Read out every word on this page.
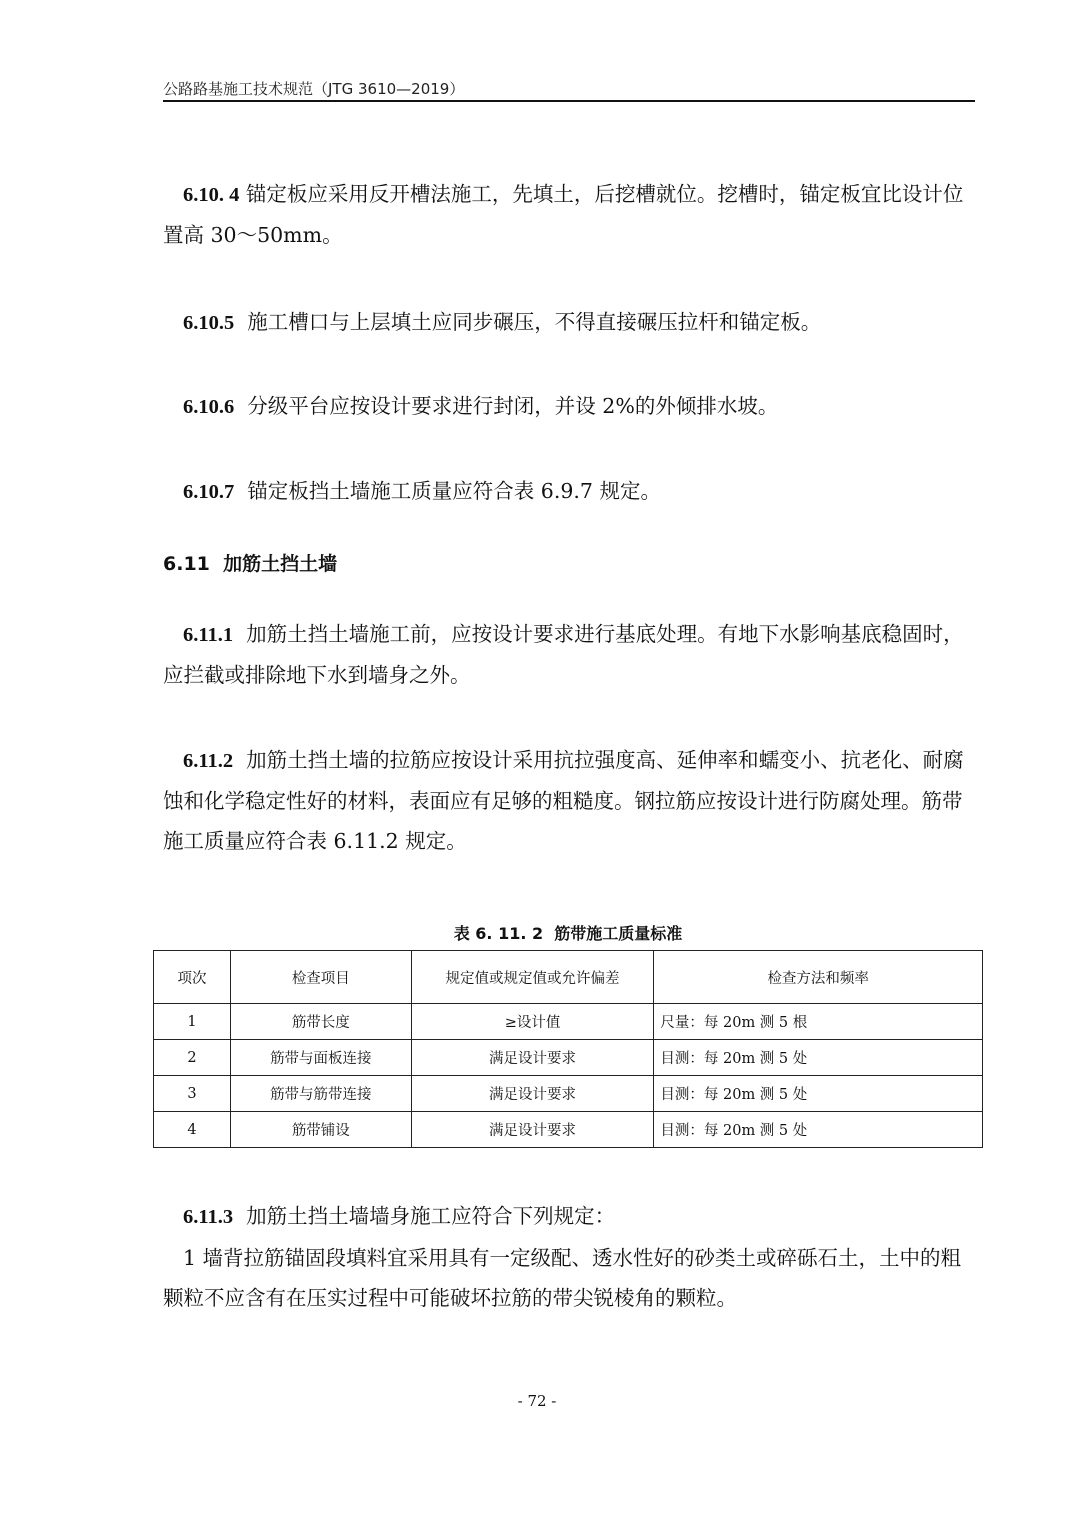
公路路基施工技术规范（JTG 3610—2019）
6.10. 4 锚定板应采用反开槽法施工，先填土，后挖槽就位。挖槽时，锚定板宜比设计位置高 30～50mm。
6.10.5 施工槽口与上层填土应同步碾压，不得直接碾压拉杆和锚定板。
6.10.6 分级平台应按设计要求进行封闭，并设 2%的外倾排水坡。
6.10.7 锚定板挡土墙施工质量应符合表 6.9.7 规定。
6.11  加筋土挡土墙
6.11.1 加筋土挡土墙施工前，应按设计要求进行基底处理。有地下水影响基底稳固时，应拦截或排除地下水到墙身之外。
6.11.2 加筋土挡土墙的拉筋应按设计采用抗拉强度高、延伸率和蠕变小、抗老化、耐腐蚀和化学稳定性好的材料，表面应有足够的粗糙度。钢拉筋应按设计进行防腐处理。筋带施工质量应符合表 6.11.2 规定。
表 6. 11. 2  筋带施工质量标准
项次	检查项目	规定值或规定值或允许偏差	检查方法和频率
1	筋带长度	≥设计值	尺量：每 20m 测 5 根
2	筋带与面板连接	满足设计要求	目测：每 20m 测 5 处
3	筋带与筋带连接	满足设计要求	目测：每 20m 测 5 处
4	筋带铺设	满足设计要求	目测：每 20m 测 5 处
6.11.3 加筋土挡土墙墙身施工应符合下列规定：
1 墙背拉筋锚固段填料宜采用具有一定级配、透水性好的砂类土或碎砾石土，土中的粗颗粒不应含有在压实过程中可能破坏拉筋的带尖锐棱角的颗粒。
- 72 -
